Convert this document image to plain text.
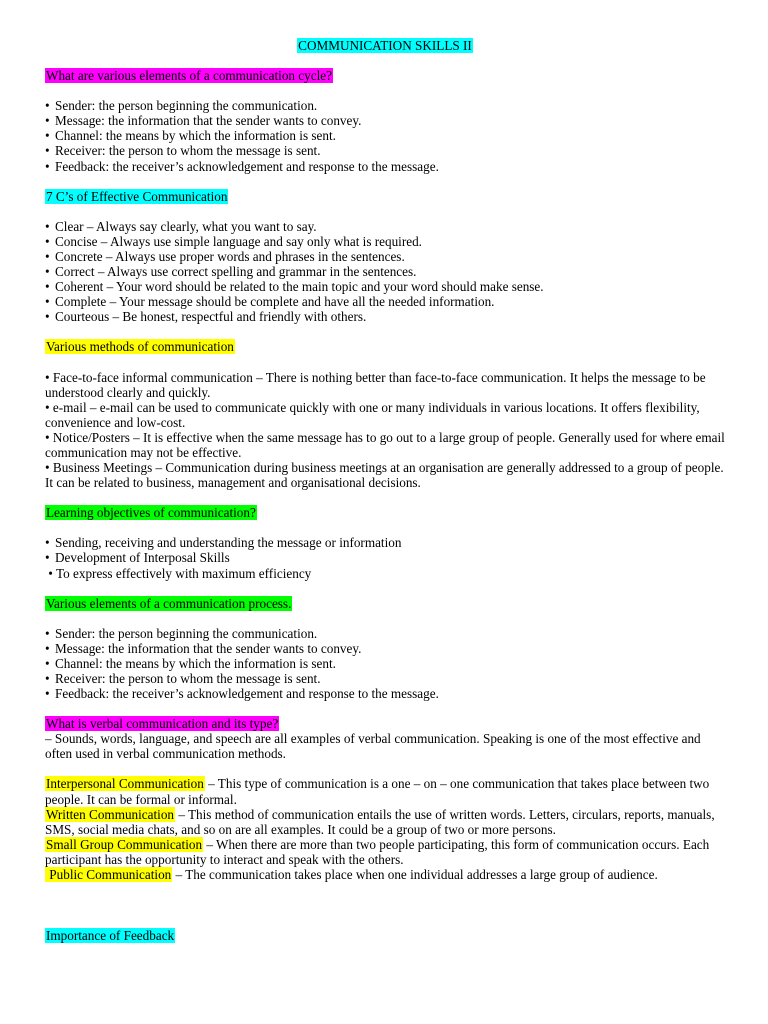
COMMUNICATION SKILLS II
What are various elements of a communication cycle?
• Sender: the person beginning the communication.
• Message: the information that the sender wants to convey.
• Channel: the means by which the information is sent.
• Receiver: the person to whom the message is sent.
• Feedback: the receiver’s acknowledgement and response to the message.
7 C’s of Effective Communication
• Clear – Always say clearly, what you want to say.
• Concise – Always use simple language and say only what is required.
• Concrete – Always use proper words and phrases in the sentences.
• Correct – Always use correct spelling and grammar in the sentences.
• Coherent – Your word should be related to the main topic and your word should make sense.
• Complete – Your message should be complete and have all the needed information.
• Courteous – Be honest, respectful and friendly with others.
Various methods of communication
• Face-to-face informal communication – There is nothing better than face-to-face communication. It helps the message to be understood clearly and quickly.
• e-mail – e-mail can be used to communicate quickly with one or many individuals in various locations. It offers flexibility, convenience and low-cost.
• Notice/Posters – It is effective when the same message has to go out to a large group of people. Generally used for where email communication may not be effective.
• Business Meetings – Communication during business meetings at an organisation are generally addressed to a group of people. It can be related to business, management and organisational decisions.
Learning objectives of communication?
• Sending, receiving and understanding the message or information
• Development of Interposal Skills
• To express effectively with maximum efficiency
Various elements of a communication process.
• Sender: the person beginning the communication.
• Message: the information that the sender wants to convey.
• Channel: the means by which the information is sent.
• Receiver: the person to whom the message is sent.
• Feedback: the receiver’s acknowledgement and response to the message.
What is verbal communication and its type?

– Sounds, words, language, and speech are all examples of verbal communication. Speaking is one of the most effective and often used in verbal communication methods.

Interpersonal Communication – This type of communication is a one – on – one communication that takes place between two people. It can be formal or informal.

Written Communication – This method of communication entails the use of written words. Letters, circulars, reports, manuals, SMS, social media chats, and so on are all examples. It could be a group of two or more persons.

Small Group Communication – When there are more than two people participating, this form of communication occurs. Each participant has the opportunity to interact and speak with the others.

Public Communication – The communication takes place when one individual addresses a large group of audience.

Importance of Feedback
